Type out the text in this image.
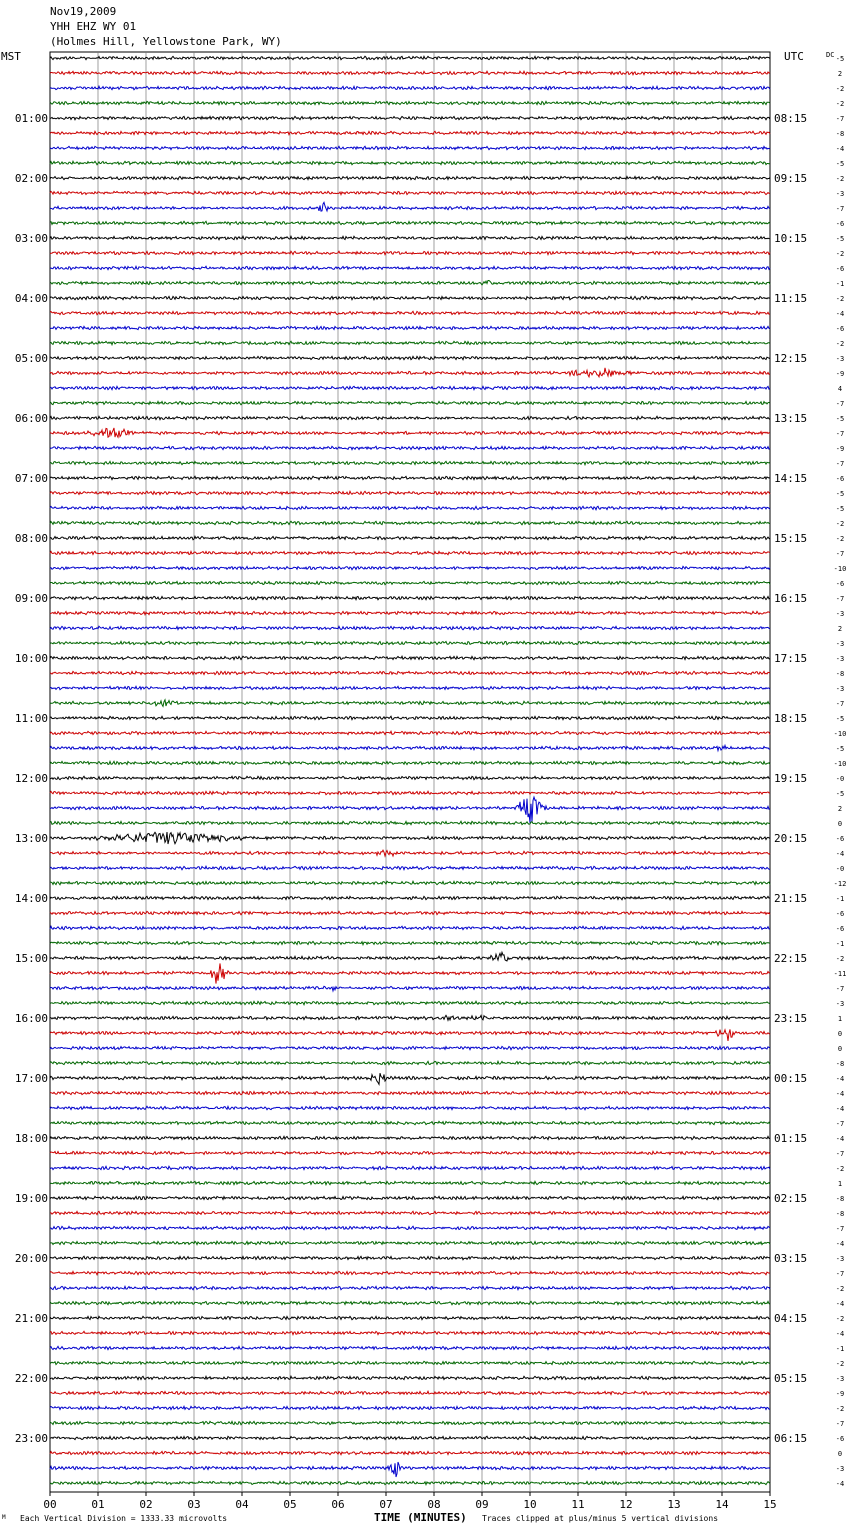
Nov19,2009
YHH EHZ WY 01
(Holmes Hill, Yellowstone Park, WY)
MST	UTC	-5
2
-2
-2
-7
-8
-4
-5
-2
-3
-7
-6
-5
-2
-6
-1
-2
-4
-6
-2
-3
-9
4
-7
-5
-7
-9
-7
-6
-5
-5
-2
-2
-7
-10
-6
-7
-3
2
-3
-3
-8
-3
-7
-5
-10
-5
-10
-0
-5
2
0
-6
-4
-0
-12
-1
-6
-6
-1
-2
-11
-7
-3
1
0
0
-8
-4
-4
-4
-7
-4
-7
-2
1
-8
-8
-7
-4
-3
-7
-2
-4
-2
-4
-1
-2
-3
-9
-2
-7
-6
0
-3
-4
DC
01:00
02:00
03:00
04:00
05:00
06:00
07:00
08:00
09:00
10:00
11:00
12:00
13:00
14:00
15:00
16:00
17:00
18:00
19:00
20:00
21:00
22:00
23:00
08:15
09:15
10:15
11:15
12:15
13:15
14:15
15:15
16:15
17:15
18:15
19:15
20:15
21:15
22:15
23:15
00:15
01:15
02:15
03:15
04:15
05:15
06:15
00	01	02	03	04	05	06	07	08	09	10	11	12	13	14	15
M Each Vertical Division = 1333.33 microvolts	TIME (MINUTES) Traces clipped at plus/minus 5 vertical divisions
